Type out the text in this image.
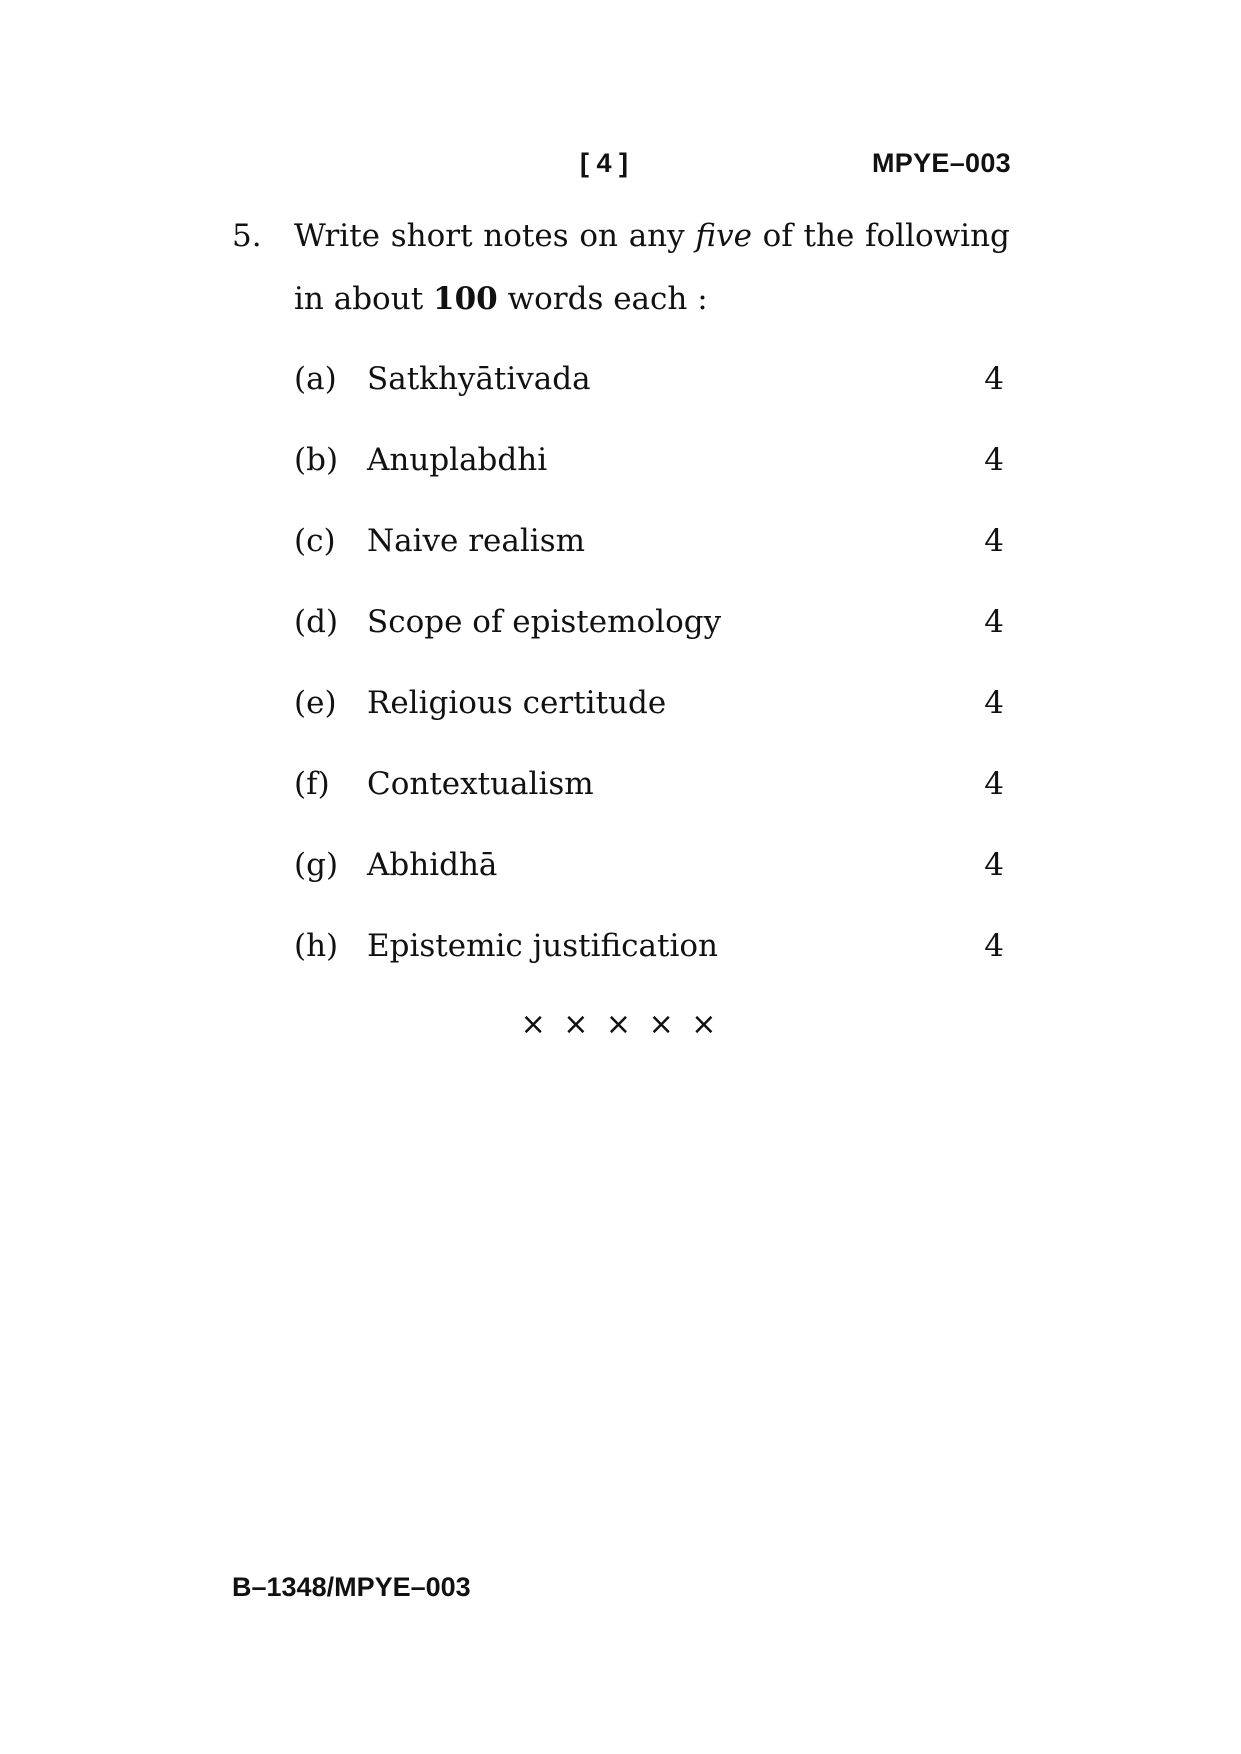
[ 4 ]	MPYE–003
5. Write short notes on any five of the following
in about 100 words each :
(a) Satkhyātivada	4
(b) Anuplabdhi	4
(c) Naive realism	4
(d) Scope of epistemology	4
(e) Religious certitude	4
(f) Contextualism	4
(g) Abhidhā	4
(h) Epistemic justification	4
× × × × ×
B–1348/MPYE–003
